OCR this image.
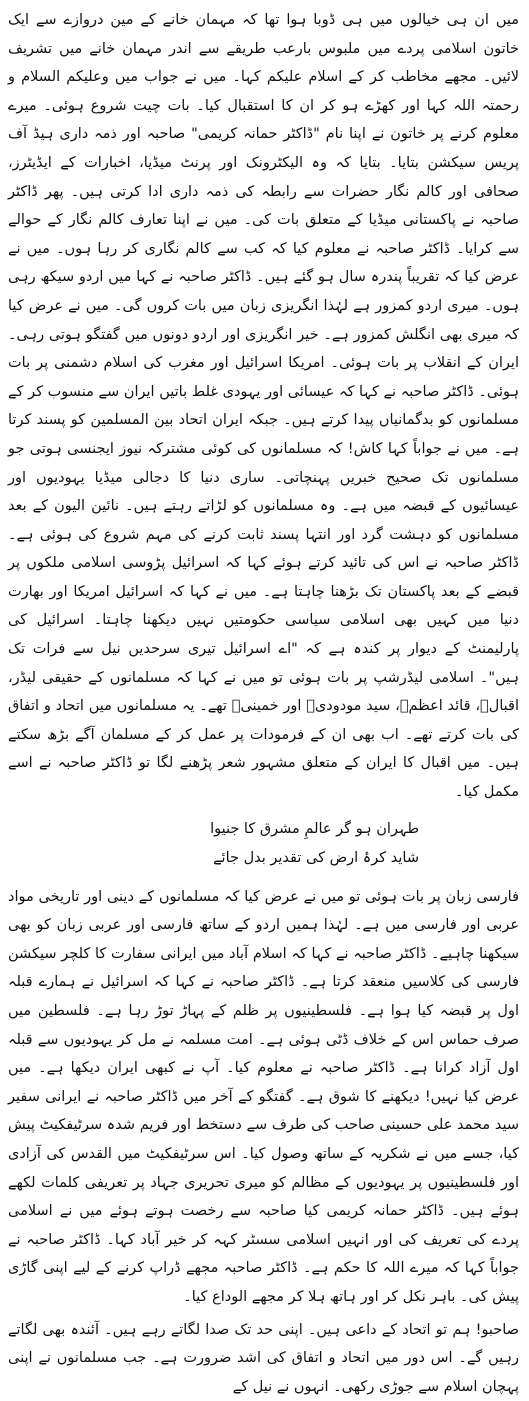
میں ان ہی خیالوں میں ہی ڈوبا ہوا تھا کہ مہمان خانے کے مین دروازے سے ایک خاتون اسلامی پردے میں ملبوس بارعب طریقے سے اندر مہمان خانے میں تشریف لائیں۔ مجھے مخاطب کر کے اسلام علیکم کہا۔ میں نے جواب میں وعلیکم السلام و رحمتہ اللہ کہا اور کھڑے ہو کر ان کا استقبال کیا۔ بات چیت شروع ہوئی۔ میرے معلوم کرنے پر خاتون نے اپنا نام "ڈاکٹر حمانہ کریمی" صاحبہ اور ذمہ داری ہیڈ آف پریس سیکشن بتایا۔ بتایا کہ وہ الیکٹرونک اور پرنٹ میڈیا، اخبارات کے ایڈیٹرز، صحافی اور کالم نگار حضرات سے رابطہ کی ذمہ داری ادا کرتی ہیں۔ پھر ڈاکٹر صاحبہ نے پاکستانی میڈیا کے متعلق بات کی۔ میں نے اپنا تعارف کالم نگار کے حوالے سے کرایا۔ ڈاکٹر صاحبہ نے معلوم کیا کہ کب سے کالم نگاری کر رہا ہوں۔ میں نے عرض کیا کہ تقریباً پندرہ سال ہو گئے ہیں۔ ڈاکٹر صاحبہ نے کہا میں اردو سیکھ رہی ہوں۔ میری اردو کمزور ہے لہٰذا انگریزی زبان میں بات کروں گی۔ میں نے عرض کیا کہ میری بھی انگلش کمزور ہے۔ خیر انگریزی اور اردو دونوں میں گفتگو ہوتی رہی۔ ایران کے انقلاب پر بات ہوئی۔ امریکا اسرائیل اور مغرب کی اسلام دشمنی پر بات ہوئی۔ ڈاکٹر صاحبہ نے کہا کہ عیسائی اور یہودی غلط باتیں ایران سے منسوب کر کے مسلمانوں کو بدگمانیاں پیدا کرتے ہیں۔ جبکہ ایران اتحاد بین المسلمین کو پسند کرتا ہے۔ میں نے جواباً کہا کاش! کہ مسلمانوں کی کوئی مشترکہ نیوز ایجنسی ہوتی جو مسلمانوں تک صحیح خبریں پہنچاتی۔ ساری دنیا کا دجالی میڈیا یہودیوں اور عیسائیوں کے قبضہ میں ہے۔ وہ مسلمانوں کو لڑاتے رہتے ہیں۔ نائین الیون کے بعد مسلمانوں کو دہشت گرد اور انتہا پسند ثابت کرنے کی مہم شروع کی ہوئی ہے۔ ڈاکٹر صاحبہ نے اس کی تائید کرتے ہوئے کہا کہ اسرائیل پڑوسی اسلامی ملکوں پر قبضے کے بعد پاکستان تک بڑھنا چاہتا ہے۔ میں نے کہا کہ اسرائیل امریکا اور بھارت دنیا میں کہیں بھی اسلامی سیاسی حکومتیں نہیں دیکھنا چاہتا۔ اسرائیل کی پارلیمنٹ کے دیوار پر کندہ ہے کہ "اے اسرائیل تیری سرحدیں نیل سے فرات تک ہیں"۔ اسلامی لیڈرشپ پر بات ہوئی تو میں نے کہا کہ مسلمانوں کے حقیقی لیڈر، اقبالؒ، قائد اعظمؒ، سید مودودیؒ اور خمینیؒ تھے۔ یہ مسلمانوں میں اتحاد و اتفاق کی بات کرتے تھے۔ اب بھی ان کے فرمودات پر عمل کر کے مسلمان آگے بڑھ سکتے ہیں۔ میں اقبال کا ایران کے متعلق مشہور شعر پڑھنے لگا تو ڈاکٹر صاحبہ نے اسے مکمل کیا۔

طہران ہو گر عالمِ مشرق کا جنیوا

شاید کرۂ ارض کی تقدیر بدل جائے

فارسی زبان پر بات ہوئی تو میں نے عرض کیا کہ مسلمانوں کے دینی اور تاریخی مواد عربی اور فارسی میں ہے۔ لہٰذا ہمیں اردو کے ساتھ فارسی اور عربی زبان کو بھی سیکھنا چاہیے۔ ڈاکٹر صاحبہ نے کہا کہ اسلام آباد میں ایرانی سفارت کا کلچر سیکشن فارسی کی کلاسیں منعقد کرتا ہے۔ ڈاکٹر صاحبہ نے کہا کہ اسرائیل نے ہمارے قبلہ اول پر قبضہ کیا ہوا ہے۔ فلسطینیوں پر ظلم کے پہاڑ توڑ رہا ہے۔ فلسطین میں صرف حماس اس کے خلاف ڈٹی ہوئی ہے۔ امت مسلمہ نے مل کر یہودیوں سے قبلہ اول آزاد کرانا ہے۔ ڈاکٹر صاحبہ نے معلوم کیا۔ آپ نے کبھی ایران دیکھا ہے۔ میں عرض کیا نہیں! دیکھنے کا شوق ہے۔ گفتگو کے آخر میں ڈاکٹر صاحبہ نے ایرانی سفیر سید محمد علی حسینی صاحب کی طرف سے دستخط اور فریم شدہ سرٹیفکیٹ پیش کیا، جسے میں نے شکریہ کے ساتھ وصول کیا۔ اس سرٹیفکیٹ میں القدس کی آزادی اور فلسطینیوں پر یہودیوں کے مظالم کو میری تحریری جہاد پر تعریفی کلمات لکھے ہوئے ہیں۔ ڈاکٹر حمانہ کریمی کیا صاحبہ سے رخصت ہوتے ہوئے میں نے اسلامی پردے کی تعریف کی اور انہیں اسلامی سسٹر کہہ کر خیر آباد کہا۔ ڈاکٹر صاحبہ نے جواباً کہا کہ میرے اللہ کا حکم ہے۔ ڈاکٹر صاحبہ مجھے ڈراپ کرنے کے لیے اپنی گاڑی پیش کی۔ باہر نکل کر اور ہاتھ ہلا کر مجھے الوداع کیا۔

صاحبو! ہم تو اتحاد کے داعی ہیں۔ اپنی حد تک صدا لگاتے رہے ہیں۔ آئندہ بھی لگاتے رہیں گے۔ اس دور میں اتحاد و اتفاق کی اشد ضرورت ہے۔ جب مسلمانوں نے اپنی پہچان اسلام سے جوڑی رکھی۔ انہوں نے نیل کے
